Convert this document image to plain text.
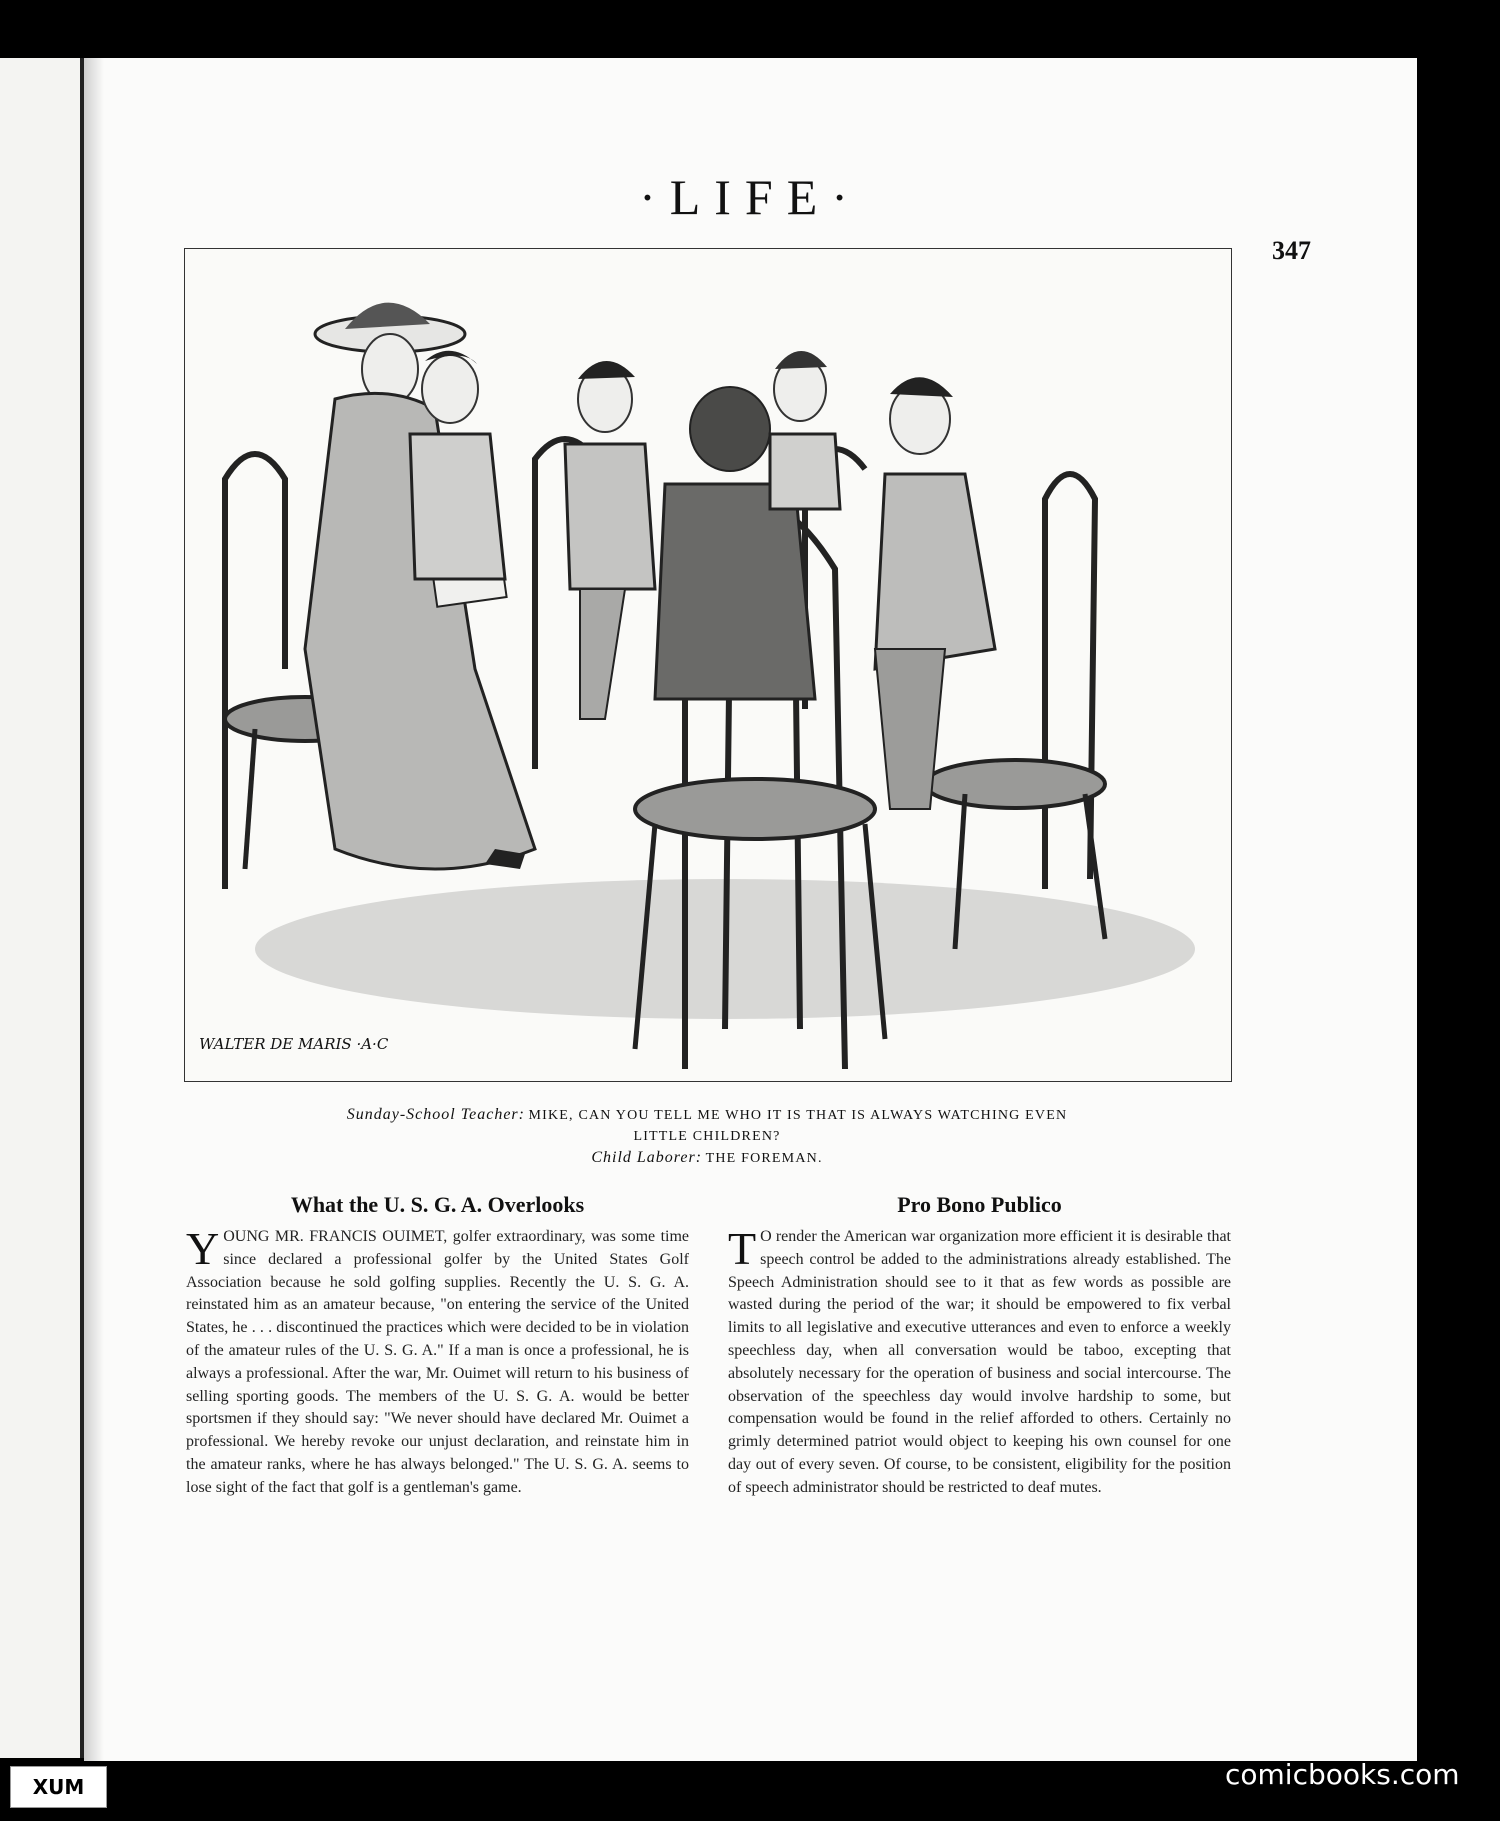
·LIFE·
347
WALTER DE MARIS ·A·C
Sunday-School Teacher: MIKE, CAN YOU TELL ME WHO IT IS THAT IS ALWAYS WATCHING EVEN
LITTLE CHILDREN?
Child Laborer: THE FOREMAN.
What the U. S. G. A. Overlooks

YOUNG MR. FRANCIS OUIMET, golfer extraordinary, was some time since declared a professional golfer by the United States Golf Association because he sold golfing supplies. Recently the U. S. G. A. reinstated him as an amateur because, "on entering the service of the United States, he . . . discontinued the practices which were decided to be in violation of the amateur rules of the U. S. G. A." If a man is once a professional, he is always a professional. After the war, Mr. Ouimet will return to his business of selling sporting goods. The members of the U. S. G. A. would be better sportsmen if they should say: "We never should have declared Mr. Ouimet a professional. We hereby revoke our unjust declaration, and reinstate him in the amateur ranks, where he has always belonged." The U. S. G. A. seems to lose sight of the fact that golf is a gentleman's game.

Pro Bono Publico

T O render the American war organization more efficient it is desirable that speech control be added to the administrations already established. The Speech Administration should see to it that as few words as possible are wasted during the period of the war; it should be empowered to fix verbal limits to all legislative and executive utterances and even to enforce a weekly speechless day, when all conversation would be taboo, excepting that absolutely necessary for the operation of business and social intercourse. The observation of the speechless day would involve hardship to some, but compensation would be found in the relief afforded to others. Certainly no grimly determined patriot would object to keeping his own counsel for one day out of every seven. Of course, to be consistent, eligibility for the position of speech administrator should be restricted to deaf mutes.

XUM	comicbooks.com
